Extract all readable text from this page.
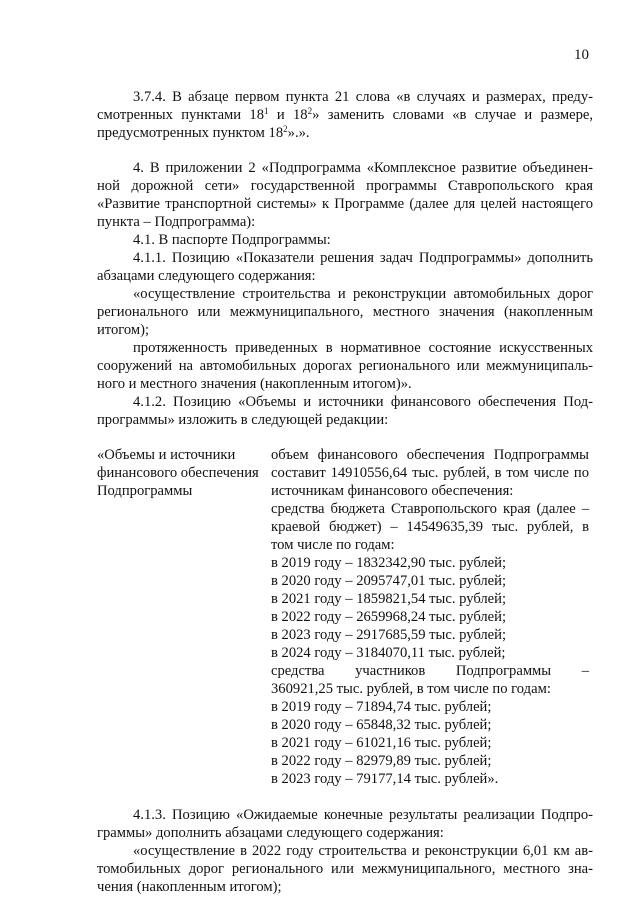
10
3.7.4. В абзаце первом пункта 21 слова «в случаях и размерах, преду-
смотренных пунктами $18^1$ и $18^2$» заменить словами «в случае и размере,
предусмотренных пунктом $18^2$».».
4. В приложении 2 «Подпрограмма «Комплексное развитие объединен-
ной дорожной сети» государственной программы Ставропольского края
«Развитие транспортной системы» к Программе (далее для целей настоящего
пункта – Подпрограмма):
4.1. В паспорте Подпрограммы:
4.1.1. Позицию «Показатели решения задач Подпрограммы» дополнить
абзацами следующего содержания:
«осуществление строительства и реконструкции автомобильных дорог
регионального или межмуниципального, местного значения (накопленным
итогом);
протяженность приведенных в нормативное состояние искусственных
сооружений на автомобильных дорогах регионального или межмуниципаль-
ного и местного значения (накопленным итогом)».
4.1.2. Позицию «Объемы и источники финансового обеспечения Под-
программы» изложить в следующей редакции:
«Объемы и источники
финансового обеспечения
Подпрограммы
объем финансового обеспечения Подпрограммы
составит 14910556,64 тыс. рублей, в том числе по
источникам финансового обеспечения:
средства бюджета Ставропольского края (далее –
краевой бюджет) – 14549635,39 тыс. рублей, в
том числе по годам:
в 2019 году – 1832342,90 тыс. рублей;
в 2020 году – 2095747,01 тыс. рублей;
в 2021 году – 1859821,54 тыс. рублей;
в 2022 году – 2659968,24 тыс. рублей;
в 2023 году – 2917685,59 тыс. рублей;
в 2024 году – 3184070,11 тыс. рублей;
средства участников Подпрограммы –
360921,25 тыс. рублей, в том числе по годам:
в 2019 году – 71894,74 тыс. рублей;
в 2020 году – 65848,32 тыс. рублей;
в 2021 году – 61021,16 тыс. рублей;
в 2022 году – 82979,89 тыс. рублей;
в 2023 году – 79177,14 тыс. рублей».
4.1.3. Позицию «Ожидаемые конечные результаты реализации Подпро-
граммы» дополнить абзацами следующего содержания:
«осуществление в 2022 году строительства и реконструкции 6,01 км ав-
томобильных дорог регионального или межмуниципального, местного зна-
чения (накопленным итогом);
